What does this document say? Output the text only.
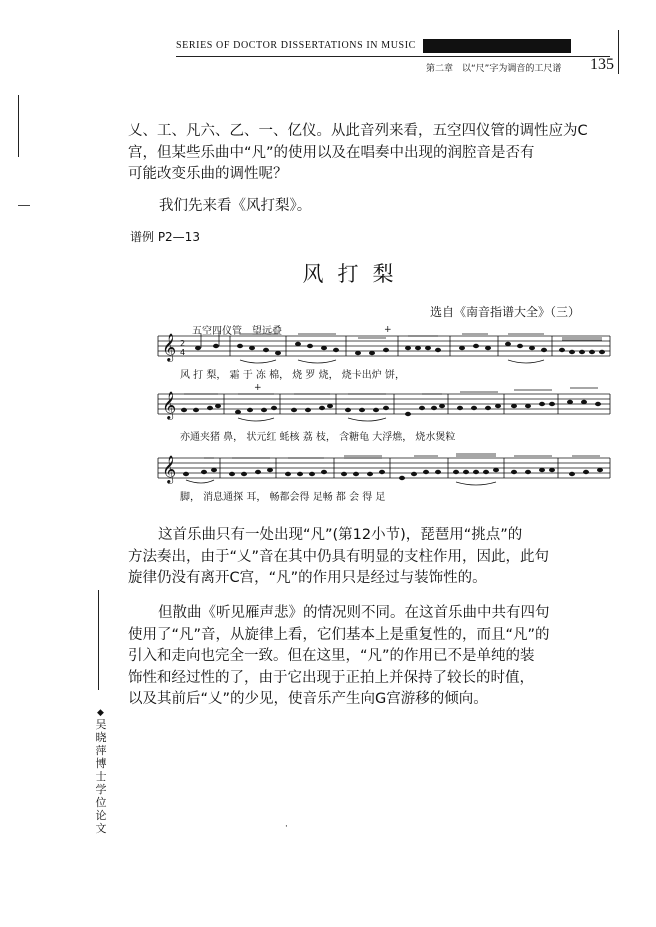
SERIES OF DOCTOR DISSERTATIONS IN MUSIC
第二章　以“尺”字为调音的工尺谱 135
乂、工、凡六、乙、一、亿仪。从此音列来看，五空四仪管的调性应为C
宫，但某些乐曲中“凡”的使用以及在唱奏中出现的润腔音是否有
可能改变乐曲的调性呢？
我们先来看《风打梨》。
谱例 P2—13
风打梨
选自《南音指谱大全》（三）
五空四仪管　望远叠
𝄞 2
4
+
风 打 梨， 霜 于 冻 棉， 烧 罗 烧， 烧卡出炉 饼，
𝄞
+
亦通夹猪 鼻， 状元红 蚝核 荔 枝， 含糖龟 大浮燋， 烧水煲粒
𝄞
脚， 消息通探 耳， 畅都会得 足畅 都 会 得 足
这首乐曲只有一处出现“凡”(第12小节)，琵琶用“挑点”的
方法奏出，由于“乂”音在其中仍具有明显的支柱作用，因此，此句
旋律仍没有离开C宫，“凡”的作用只是经过与装饰性的。
但散曲《听见雁声悲》的情况则不同。在这首乐曲中共有四句
使用了“凡”音，从旋律上看，它们基本上是重复性的，而且“凡”的
引入和走向也完全一致。但在这里，“凡”的作用已不是单纯的装
饰性和经过性的了，由于它出现于正拍上并保持了较长的时值，
以及其前后“乂”的少见，使音乐产生向G宫游移的倾向。
◆
吴晓萍博士学位论文	·
